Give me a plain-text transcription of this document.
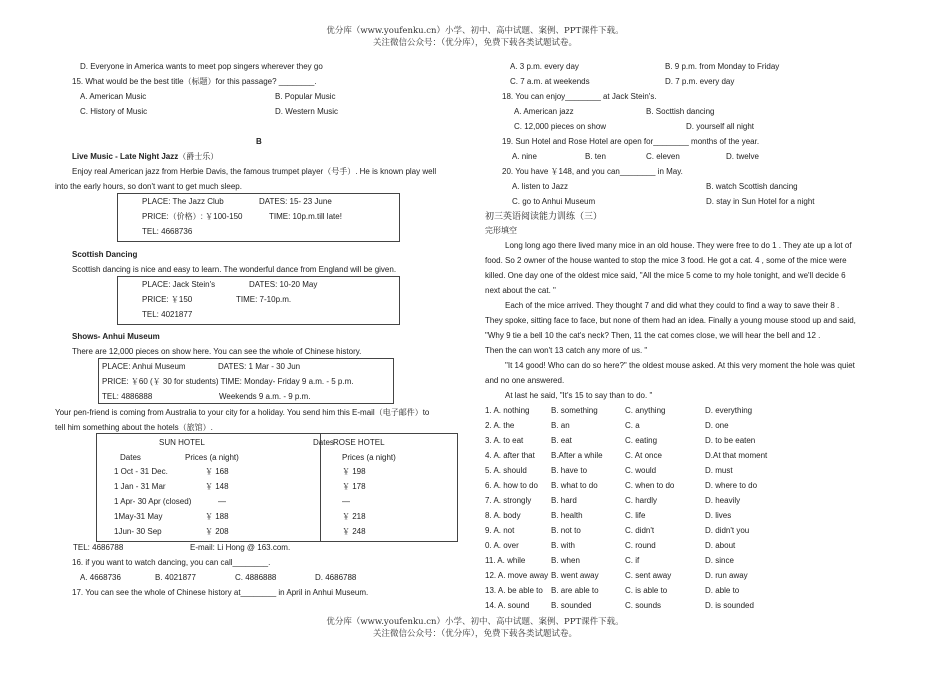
优分库（www.youfenku.cn）小学、初中、高中试题、案例、PPT课件下载。
关注微信公众号：（优分库），免费下载各类试题试卷。
优分库（www.youfenku.cn）小学、初中、高中试题、案例、PPT课件下载。
关注微信公众号：（优分库），免费下载各类试题试卷。
D. Everyone in America wants to meet pop singers wherever they go
15. What would be the best title（标题）for this passage? ________.
A. American Music	B. Popular Music
C. History of Music	D. Western Music
B
Live Music - Late Night Jazz（爵士乐）
Enjoy real American jazz from Herbie Davis, the famous trumpet player（号手）. He is known play well
into the early hours, so don't want to get much sleep.
PLACE: The Jazz Club	DATES: 15- 23 June
PRICE:（价格）: ￥100-150	TIME: 10p.m.till late!
TEL: 4668736
Scottish Dancing
Scottish dancing is nice and easy to learn. The wonderful dance from England will be given.
PLACE: Jack Stein's	DATES: 10-20 May
PRICE: ￥150	TIME: 7-10p.m.
TEL: 4021877
Shows- Anhui Museum
There are 12,000 pieces on show here. You can see the whole of Chinese history.
PLACE: Anhui Museum	DATES: 1 Mar - 30 Jun
PRICE: ￥60 (￥ 30 for students) TIME: Monday- Friday 9 a.m. - 5 p.m.
TEL: 4886888	Weekends 9 a.m. - 9 p.m.
Your pen-friend is coming from Australia to your city for a holiday. You send him this E-mail（电子邮件）to
tell him something about the hotels（旅馆）.
SUN HOTEL	Dates ROSE HOTEL
Dates	Prices (a night)	Prices (a night)
1 Oct - 31 Dec.	￥ 168	￥ 198
1 Jan - 31 Mar	￥ 148	￥ 178
1 Apr- 30 Apr (closed)	—	—
1May-31 May	￥ 188	￥ 218
1Jun- 30 Sep	￥ 208	￥ 248
TEL: 4686788	E-mail: Li Hong @ 163.com.
16. if you want to watch dancing, you can call________.
A. 4668736	B. 4021877	C. 4886888	D. 4686788
17. You can see the whole of Chinese history at________ in April in Anhui Museum.
A. 3 p.m. every day	B. 9 p.m. from Monday to Friday
C. 7 a.m. at weekends	D. 7 p.m. every day
18. You can enjoy________ at Jack Stein's.
A. American jazz	B. Socttish dancing
C. 12,000 pieces on show	D. yourself all night
19. Sun Hotel and Rose Hotel are open for________ months of the year.
A. nine	B. ten	C. eleven	D. twelve
20. You have ￥148, and you can________ in May.
A. listen to Jazz	B. watch Scottish dancing
C. go to Anhui Museum	D. stay in Sun Hotel for a night
初三英语阅读能力训练（三）
完形填空
Long long ago there lived many mice in an old house. They were free to do 1 . They ate up a lot of
food. So 2 owner of the house wanted to stop the mice 3 food. He got a cat. 4 , some of the mice were
killed. One day one of the oldest mice said, "All the mice 5 come to my hole tonight, and we'll decide 6
next about the cat. "
Each of the mice arrived. They thought 7 and did what they could to find a way to save their 8 .
They spoke, sitting face to face, but none of them had an idea. Finally a young mouse stood up and said,
"Why 9 tie a bell 10 the cat's neck? Then, 11 the cat comes close, we will hear the bell and 12 .
Then the can won't 13 catch any more of us. "
"It 14 good! Who can do so here?" the oldest mouse asked. At this very moment the hole was quiet
and no one answered.
At last he said, "It's 15 to say than to do. "
1. A. nothing	B. something	C. anything	D. everything
2. A. the	B. an	C. a	D. one
3. A. to eat	B. eat	C. eating	D. to be eaten
4. A. after that B.After a while	C. At once	D.At that moment
5. A. should	B. have to	C. would	D. must
6. A. how to do B. what to do	C. when to do	D. where to do
7. A. strongly B. hard	C. hardly	D. heavily
8. A. body	B. health	C. life	D. lives
9. A. not	B. not to	C. didn't	D. didn't you
0. A. over	B. with	C. round	D. about
11. A. while	B. when	C. if	D. since
12. A. move away B. went away	C. sent away	D. run away
13. A. be able to B. are able to	C. is able to	D. able to
14. A. sound	B. sounded	C. sounds	D. is sounded
